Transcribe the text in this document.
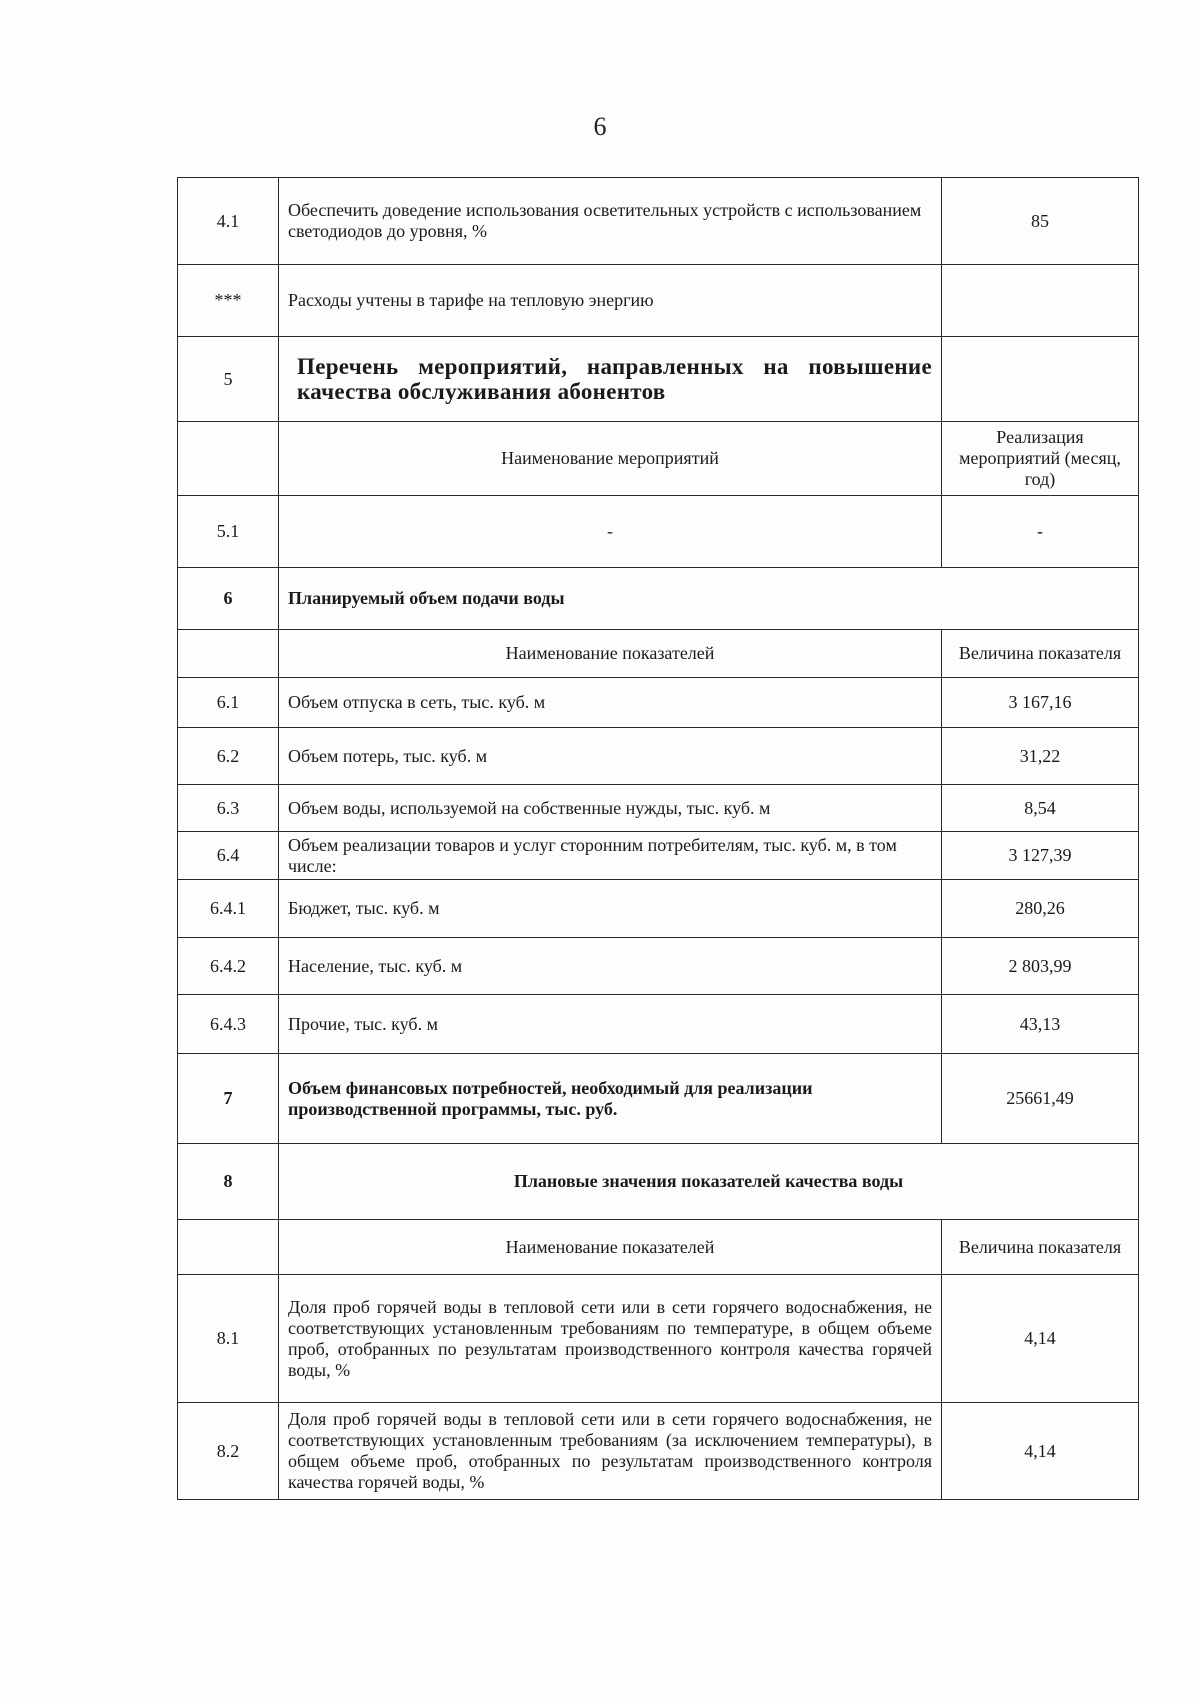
6
4.1	Обеспечить доведение использования осветительных устройств с использованием светодиодов до уровня, %	85
***	Расходы учтены в тарифе на тепловую энергию	
5	Перечень мероприятий, направленных на повышение качества обслуживания абонентов	
	Наименование мероприятий	Реализация мероприятий (месяц, год)
5.1	-	-
6	Планируемый объем подачи воды	
	Наименование показателей	Величина показателя
6.1	Объем отпуска в сеть, тыс. куб. м	3 167,16
6.2	Объем потерь, тыс. куб. м	31,22
6.3	Объем воды, используемой на собственные нужды, тыс. куб. м	8,54
6.4	Объем реализации товаров и услуг сторонним потребителям, тыс. куб. м, в том числе:	3 127,39
6.4.1	Бюджет, тыс. куб. м	280,26
6.4.2	Население, тыс. куб. м	2 803,99
6.4.3	Прочие, тыс. куб. м	43,13
7	Объем финансовых потребностей, необходимый для реализации производственной программы, тыс. руб.	25661,49
8	Плановые значения показателей качества воды	
	Наименование показателей	Величина показателя
8.1	Доля проб горячей воды в тепловой сети или в сети горячего водоснабжения, не соответствующих установленным требованиям по температуре, в общем объеме проб, отобранных по результатам производственного контроля качества горячей воды, %	4,14
8.2	Доля проб горячей воды в тепловой сети или в сети горячего водоснабжения, не соответствующих установленным требованиям (за исключением температуры), в общем объеме проб, отобранных по результатам производственного контроля качества горячей воды, %	4,14
